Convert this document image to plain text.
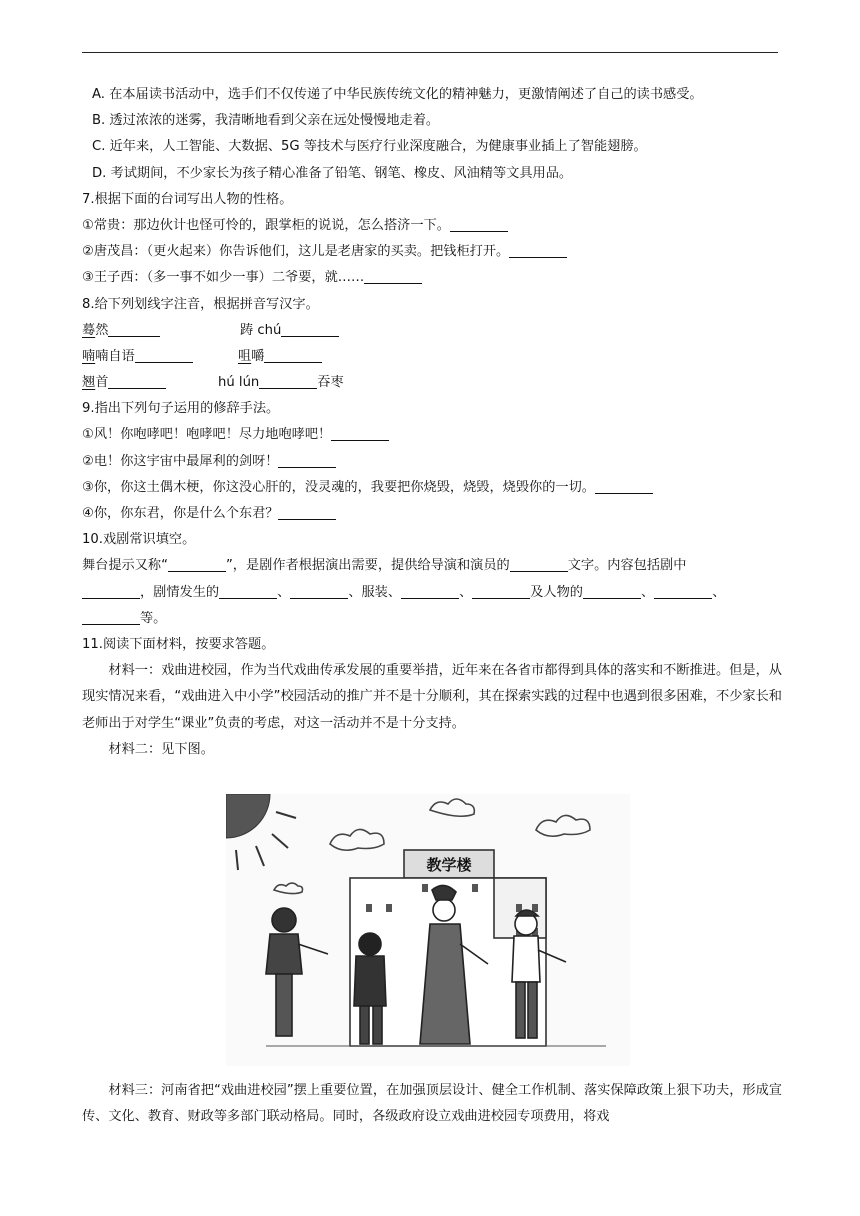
A. 在本届读书活动中，选手们不仅传递了中华民族传统文化的精神魅力，更激情阐述了自己的读书感受。
B. 透过浓浓的迷雾，我清晰地看到父亲在远处慢慢地走着。
C. 近年来，人工智能、大数据、5G 等技术与医疗行业深度融合，为健康事业插上了智能翅膀。
D. 考试期间，不少家长为孩子精心准备了铅笔、钢笔、橡皮、风油精等文具用品。
7.根据下面的台词写出人物的性格。
①常贵：那边伙计也怪可怜的，跟掌柜的说说，怎么搭济一下。
②唐茂昌：（更火起来）你告诉他们，这儿是老唐家的买卖。把钱柜打开。
③王子西：（多一事不如少一事）二爷要，就……
8.给下列划线字注音，根据拼音写汉字。
蓦然	踌 chú
喃喃自语	咀嚼
翘首	hú lún	吞枣
9.指出下列句子运用的修辞手法。
①风！你咆哮吧！咆哮吧！尽力地咆哮吧！
②电！你这宇宙中最犀利的剑呀！
③你，你这土偶木梗，你这没心肝的，没灵魂的，我要把你烧毁，烧毁，烧毁你的一切。
④你，你东君，你是什么个东君？
10.戏剧常识填空。
舞台提示又称“	”，是剧作者根据演出需要，提供给导演和演员的	文字。内容包括剧中
，剧情发生的	、	、服装、	、	及人物的	、	、
等。
11.阅读下面材料，按要求答题。
材料一：戏曲进校园，作为当代戏曲传承发展的重要举措，近年来在各省市都得到具体的落实和不断推进。但是，从现实情况来看，“戏曲进入中小学”校园活动的推广并不是十分顺利，其在探索实践的过程中也遇到很多困难，不少家长和老师出于对学生“课业”负责的考虑，对这一活动并不是十分支持。
材料二：见下图。
教学楼
材料三：河南省把“戏曲进校园”摆上重要位置，在加强顶层设计、健全工作机制、落实保障政策上狠下功夫，形成宣传、文化、教育、财政等多部门联动格局。同时，各级政府设立戏曲进校园专项费用，将戏
